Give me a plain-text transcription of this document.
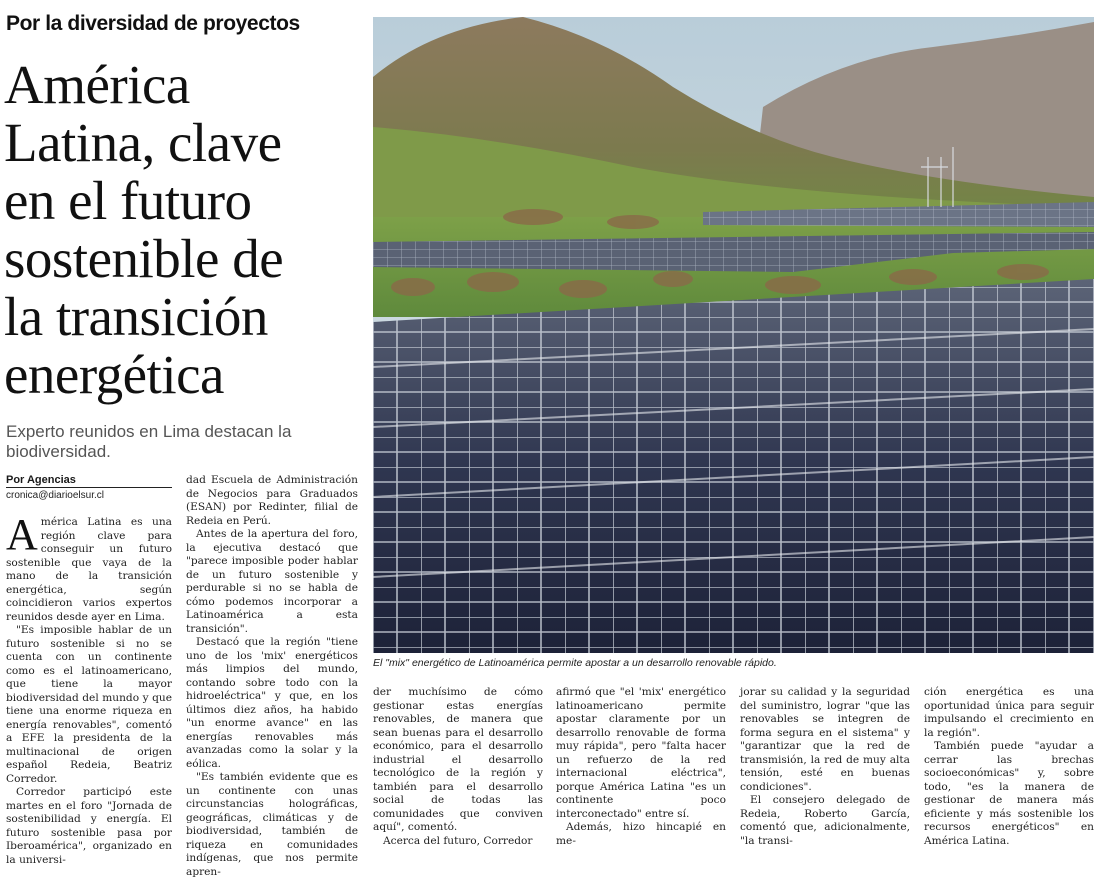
Por la diversidad de proyectos
América
Latina, clave
en el futuro
sostenible de
la transición
energética
Experto reunidos en Lima destacan la biodiversidad.
Por Agencias
cronica@diarioelsur.cl

América Latina es una región clave para conseguir un futuro sostenible que vaya de la mano de la transición energética, según coincidieron varios expertos reunidos desde ayer en Lima.

"Es imposible hablar de un futuro sostenible si no se cuenta con un continente como es el latinoamericano, que tiene la mayor biodiversidad del mundo y que tiene una enorme riqueza en energía renovables", comentó a EFE la presidenta de la multinacional de origen español Redeia, Beatriz Corredor.

Corredor participó este martes en el foro "Jornada de sostenibilidad y energía. El futuro sostenible pasa por Iberoamérica", organizado en la universi-

dad Escuela de Administración de Negocios para Graduados (ESAN) por Redinter, filial de Redeia en Perú.

Antes de la apertura del foro, la ejecutiva destacó que "parece imposible poder hablar de un futuro sostenible y perdurable si no se habla de cómo podemos incorporar a Latinoamérica a esta transición".

Destacó que la región "tiene uno de los 'mix' energéticos más limpios del mundo, contando sobre todo con la hidroeléctrica" y que, en los últimos diez años, ha habido "un enorme avance" en las energías renovables más avanzadas como la solar y la eólica.

"Es también evidente que es un continente con unas circunstancias holográficas, geográficas, climáticas y de biodiversidad, también de riqueza en comunidades indígenas, que nos permite apren-

El "mix" energético de Latinoamérica permite apostar a un desarrollo renovable rápido.

der muchísimo de cómo gestionar estas energías renovables, de manera que sean buenas para el desarrollo económico, para el desarrollo industrial el desarrollo tecnológico de la región y también para el desarrollo social de todas las comunidades que conviven aquí", comentó.

Acerca del futuro, Corredor

afirmó que "el 'mix' energético latinoamericano permite apostar claramente por un desarrollo renovable de forma muy rápida", pero "falta hacer un refuerzo de la red internacional eléctrica", porque América Latina "es un continente poco interconectado" entre sí.

Además, hizo hincapié en me-

jorar su calidad y la seguridad del suministro, lograr "que las renovables se integren de forma segura en el sistema" y "garantizar que la red de transmisión, la red de muy alta tensión, esté en buenas condiciones".

El consejero delegado de Redeia, Roberto García, comentó que, adicionalmente, "la transi-

ción energética es una oportunidad única para seguir impulsando el crecimiento en la región".

También puede "ayudar a cerrar las brechas socioeconómicas" y, sobre todo, "es la manera de gestionar de manera más eficiente y más sostenible los recursos energéticos" en América Latina.
